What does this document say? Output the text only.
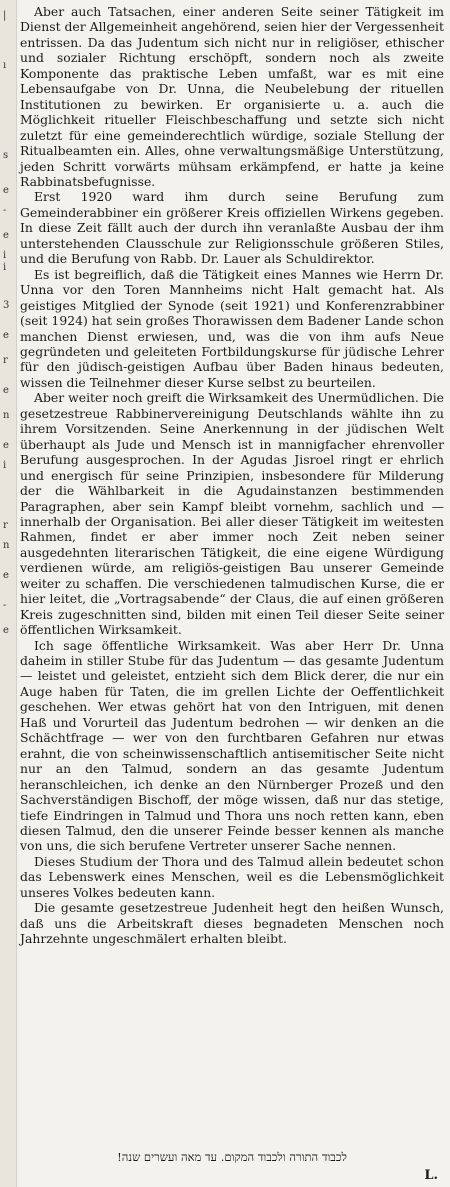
|
ı
s
e
-
e
i
i
3
e
r
e
n
e
i
r
n
e
-
e

Aber auch Tatsachen, einer anderen Seite seiner Tätigkeit im Dienst der Allgemeinheit angehörend, seien hier der Vergessenheit entrissen. Da das Judentum sich nicht nur in religiöser, ethischer und sozialer Richtung erschöpft, sondern noch als zweite Komponente das praktische Leben umfaßt, war es mit eine Lebensaufgabe von Dr. Unna, die Neubelebung der rituellen Institutionen zu bewirken. Er organisierte u. a. auch die Möglichkeit ritueller Fleischbeschaffung und setzte sich nicht zuletzt für eine gemeinderechtlich würdige, soziale Stellung der Ritualbeamten ein. Alles, ohne verwaltungsmäßige Unterstützung, jeden Schritt vorwärts mühsam erkämpfend, er hatte ja keine Rabbinatsbefugnisse.

Erst 1920 ward ihm durch seine Berufung zum Gemeinderabbiner ein größerer Kreis offiziellen Wirkens gegeben. In diese Zeit fällt auch der durch ihn veranlaßte Ausbau der ihm unterstehenden Clausschule zur Religionsschule größeren Stiles, und die Berufung von Rabb. Dr. Lauer als Schuldirektor.

Es ist begreiflich, daß die Tätigkeit eines Mannes wie Herrn Dr. Unna vor den Toren Mannheims nicht Halt gemacht hat. Als geistiges Mitglied der Synode (seit 1921) und Konferenzrabbiner (seit 1924) hat sein großes Thorawissen dem Badener Lande schon manchen Dienst erwiesen, und, was die von ihm aufs Neue gegründeten und geleiteten Fortbildungskurse für jüdische Lehrer für den jüdisch-geistigen Aufbau über Baden hinaus bedeuten, wissen die Teilnehmer dieser Kurse selbst zu beurteilen.

Aber weiter noch greift die Wirksamkeit des Unermüdlichen. Die gesetzestreue Rabbinervereinigung Deutschlands wählte ihn zu ihrem Vorsitzenden. Seine Anerkennung in der jüdischen Welt überhaupt als Jude und Mensch ist in mannigfacher ehrenvoller Berufung ausgesprochen. In der Agudas Jisroel ringt er ehrlich und energisch für seine Prinzipien, insbesondere für Milderung der die Wählbarkeit in die Agudainstanzen bestimmenden Paragraphen, aber sein Kampf bleibt vornehm, sachlich und — innerhalb der Organisation. Bei aller dieser Tätigkeit im weitesten Rahmen, findet er aber immer noch Zeit neben seiner ausgedehnten literarischen Tätigkeit, die eine eigene Würdigung verdienen würde, am religiös-geistigen Bau unserer Gemeinde weiter zu schaffen. Die verschiedenen talmudischen Kurse, die er hier leitet, die „Vortragsabende“ der Claus, die auf einen größeren Kreis zugeschnitten sind, bilden mit einen Teil dieser Seite seiner öffentlichen Wirksamkeit.

Ich sage öffentliche Wirksamkeit. Was aber Herr Dr. Unna daheim in stiller Stube für das Judentum — das gesamte Judentum — leistet und geleistet, entzieht sich dem Blick derer, die nur ein Auge haben für Taten, die im grellen Lichte der Oeffentlichkeit geschehen. Wer etwas gehört hat von den Intriguen, mit denen Haß und Vorurteil das Judentum bedrohen — wir denken an die Schächtfrage — wer von den furchtbaren Gefahren nur etwas erahnt, die von scheinwissenschaftlich antisemitischer Seite nicht nur an den Talmud, sondern an das gesamte Judentum heranschleichen, ich denke an den Nürnberger Prozeß und den Sachverständigen Bischoff, der möge wissen, daß nur das stetige, tiefe Eindringen in Talmud und Thora uns noch retten kann, eben diesen Talmud, den die unserer Feinde besser kennen als manche von uns, die sich berufene Vertreter unserer Sache nennen.

Dieses Studium der Thora und des Talmud allein bedeutet schon das Lebenswerk eines Menschen, weil es die Lebensmöglichkeit unseres Volkes bedeuten kann.

Die gesamte gesetzestreue Judenheit hegt den heißen Wunsch, daß uns die Arbeitskraft dieses begnadeten Menschen noch Jahrzehnte ungeschmälert erhalten bleibt.

לכבוד התורה ולכבוד המקום. עד מאה ועשרים שנה!
L.
